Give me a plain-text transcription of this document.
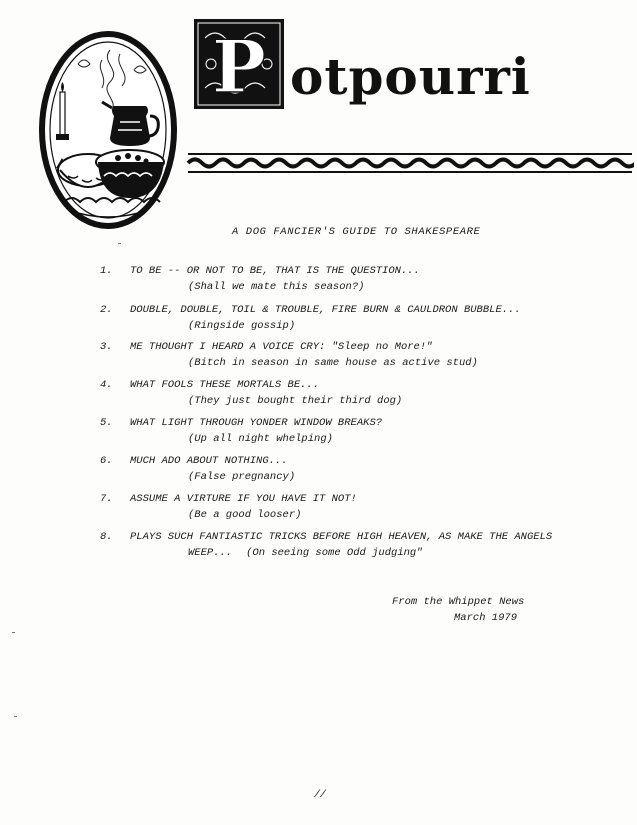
P otpourri
A DOG FANCIER'S GUIDE TO SHAKESPEARE
1. TO BE -- OR NOT TO BE, THAT IS THE QUESTION...
(Shall we mate this season?)
2. DOUBLE, DOUBLE, TOIL & TROUBLE, FIRE BURN & CAULDRON BUBBLE...
(Ringside gossip)
3. ME THOUGHT I HEARD A VOICE CRY: "Sleep no More!"
(Bitch in season in same house as active stud)
4. WHAT FOOLS THESE MORTALS BE...
(They just bought their third dog)
5. WHAT LIGHT THROUGH YONDER WINDOW BREAKS?
(Up all night whelping)
6. MUCH ADO ABOUT NOTHING...
(False pregnancy)
7. ASSUME A VIRTURE IF YOU HAVE IT NOT!
(Be a good looser)
8. PLAYS SUCH FANTIASTIC TRICKS BEFORE HIGH HEAVEN, AS MAKE THE ANGELS
WEEP... (On seeing some Odd judging"
From the Whippet News
March 1979
//
